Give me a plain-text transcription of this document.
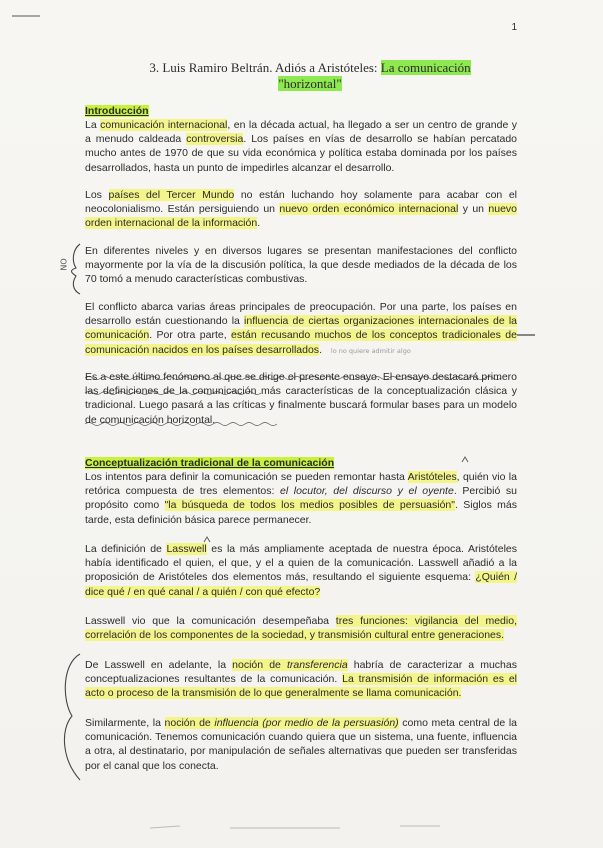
1
3. Luis Ramiro Beltrán. Adiós a Aristóteles: La comunicación
"horizontal"
Introducción
La comunicación internacional, en la década actual, ha llegado a ser un centro de grande y a menudo caldeada controversia. Los países en vías de desarrollo se habían percatado mucho antes de 1970 de que su vida económica y política estaba dominada por los países desarrollados, hasta un punto de impedirles alcanzar el desarrollo.
Los países del Tercer Mundo no están luchando hoy solamente para acabar con el neocolonialismo. Están persiguiendo un nuevo orden económico internacional y un nuevo orden internacional de la información.
NO
En diferentes niveles y en diversos lugares se presentan manifestaciones del conflicto mayormente por la vía de la discusión política, la que desde mediados de la década de los 70 tomó a menudo características combustivas.
El conflicto abarca varias áreas principales de preocupación. Por una parte, los países en desarrollo están cuestionando la influencia de ciertas organizaciones internacionales de la comunicación. Por otra parte, están recusando muchos de los conceptos tradicionales de comunicación nacidos en los países desarrollados. lo no quiere admitir algo
Es a este último fenómeno al que se dirige el presente ensayo. El ensayo destacará primero las definiciones de la comunicación más características de la conceptualización clásica y tradicional. Luego pasará a las críticas y finalmente buscará formular bases para un modelo de comunicación horizontal.
Conceptualización tradicional de la comunicación
Los intentos para definir la comunicación se pueden remontar hasta Aristóteles, quién vio la retórica compuesta de tres elementos: el locutor, del discurso y el oyente. Percibió su propósito como "la búsqueda de todos los medios posibles de persuasión". Siglos más tarde, esta definición básica parece permanecer.
La definición de Lasswell es la más ampliamente aceptada de nuestra época. Aristóteles había identificado el quien, el que, y el a quien de la comunicación. Lasswell añadió a la proposición de Aristóteles dos elementos más, resultando el siguiente esquema: ¿Quién / dice qué / en qué canal / a quién / con qué efecto?
Lasswell vio que la comunicación desempeñaba tres funciones: vigilancia del medio, correlación de los componentes de la sociedad, y transmisión cultural entre generaciones.
De Lasswell en adelante, la noción de transferencia habría de caracterizar a muchas conceptualizaciones resultantes de la comunicación. La transmisión de información es el acto o proceso de la transmisión de lo que generalmente se llama comunicación.
Similarmente, la noción de influencia (por medio de la persuasión) como meta central de la comunicación. Tenemos comunicación cuando quiera que un sistema, una fuente, influencia a otra, al destinatario, por manipulación de señales alternativas que pueden ser transferidas por el canal que los conecta.
